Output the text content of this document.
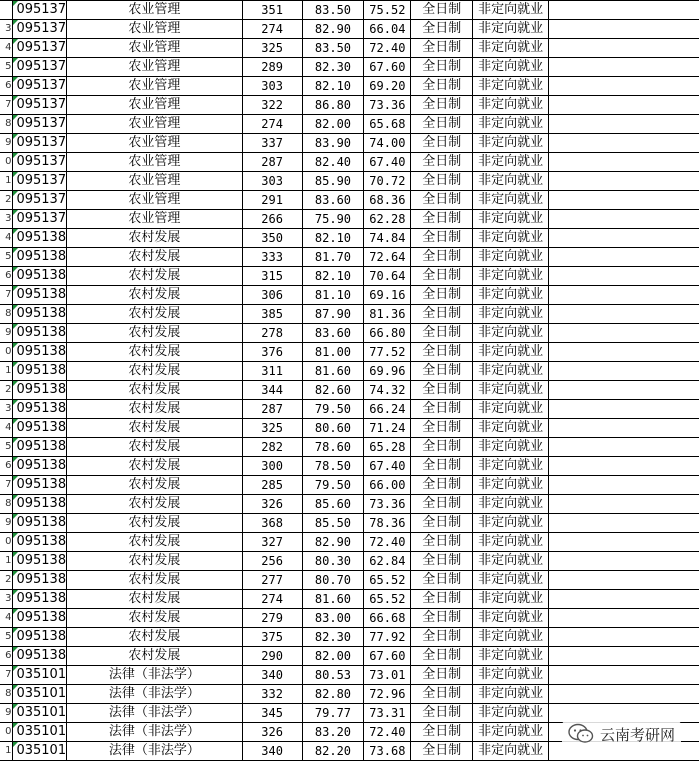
	095137	农业管理	351	83.50	75.52	全日制	非定向就业	
3	095137	农业管理	274	82.90	66.04	全日制	非定向就业	
4	095137	农业管理	325	83.50	72.40	全日制	非定向就业	
5	095137	农业管理	289	82.30	67.60	全日制	非定向就业	
6	095137	农业管理	303	82.10	69.20	全日制	非定向就业	
7	095137	农业管理	322	86.80	73.36	全日制	非定向就业	
8	095137	农业管理	274	82.00	65.68	全日制	非定向就业	
9	095137	农业管理	337	83.90	74.00	全日制	非定向就业	
0	095137	农业管理	287	82.40	67.40	全日制	非定向就业	
1	095137	农业管理	303	85.90	70.72	全日制	非定向就业	
2	095137	农业管理	291	83.60	68.36	全日制	非定向就业	
3	095137	农业管理	266	75.90	62.28	全日制	非定向就业	
4	095138	农村发展	350	82.10	74.84	全日制	非定向就业	
5	095138	农村发展	333	81.70	72.64	全日制	非定向就业	
6	095138	农村发展	315	82.10	70.64	全日制	非定向就业	
7	095138	农村发展	306	81.10	69.16	全日制	非定向就业	
8	095138	农村发展	385	87.90	81.36	全日制	非定向就业	
9	095138	农村发展	278	83.60	66.80	全日制	非定向就业	
0	095138	农村发展	376	81.00	77.52	全日制	非定向就业	
1	095138	农村发展	311	81.60	69.96	全日制	非定向就业	
2	095138	农村发展	344	82.60	74.32	全日制	非定向就业	
3	095138	农村发展	287	79.50	66.24	全日制	非定向就业	
4	095138	农村发展	325	80.60	71.24	全日制	非定向就业	
5	095138	农村发展	282	78.60	65.28	全日制	非定向就业	
6	095138	农村发展	300	78.50	67.40	全日制	非定向就业	
7	095138	农村发展	285	79.50	66.00	全日制	非定向就业	
8	095138	农村发展	326	85.60	73.36	全日制	非定向就业	
9	095138	农村发展	368	85.50	78.36	全日制	非定向就业	
0	095138	农村发展	327	82.90	72.40	全日制	非定向就业	
1	095138	农村发展	256	80.30	62.84	全日制	非定向就业	
2	095138	农村发展	277	80.70	65.52	全日制	非定向就业	
3	095138	农村发展	274	81.60	65.52	全日制	非定向就业	
4	095138	农村发展	279	83.00	66.68	全日制	非定向就业	
5	095138	农村发展	375	82.30	77.92	全日制	非定向就业	
6	095138	农村发展	290	82.00	67.60	全日制	非定向就业	
7	035101	法律（非法学）	340	80.53	73.01	全日制	非定向就业	
8	035101	法律（非法学）	332	82.80	72.96	全日制	非定向就业	
9	035101	法律（非法学）	345	79.77	73.31	全日制	非定向就业	
0	035101	法律（非法学）	326	83.20	72.40	全日制	非定向就业	
1	035101	法律（非法学）	340	82.20	73.68	全日制	非定向就业	
云南考研网
